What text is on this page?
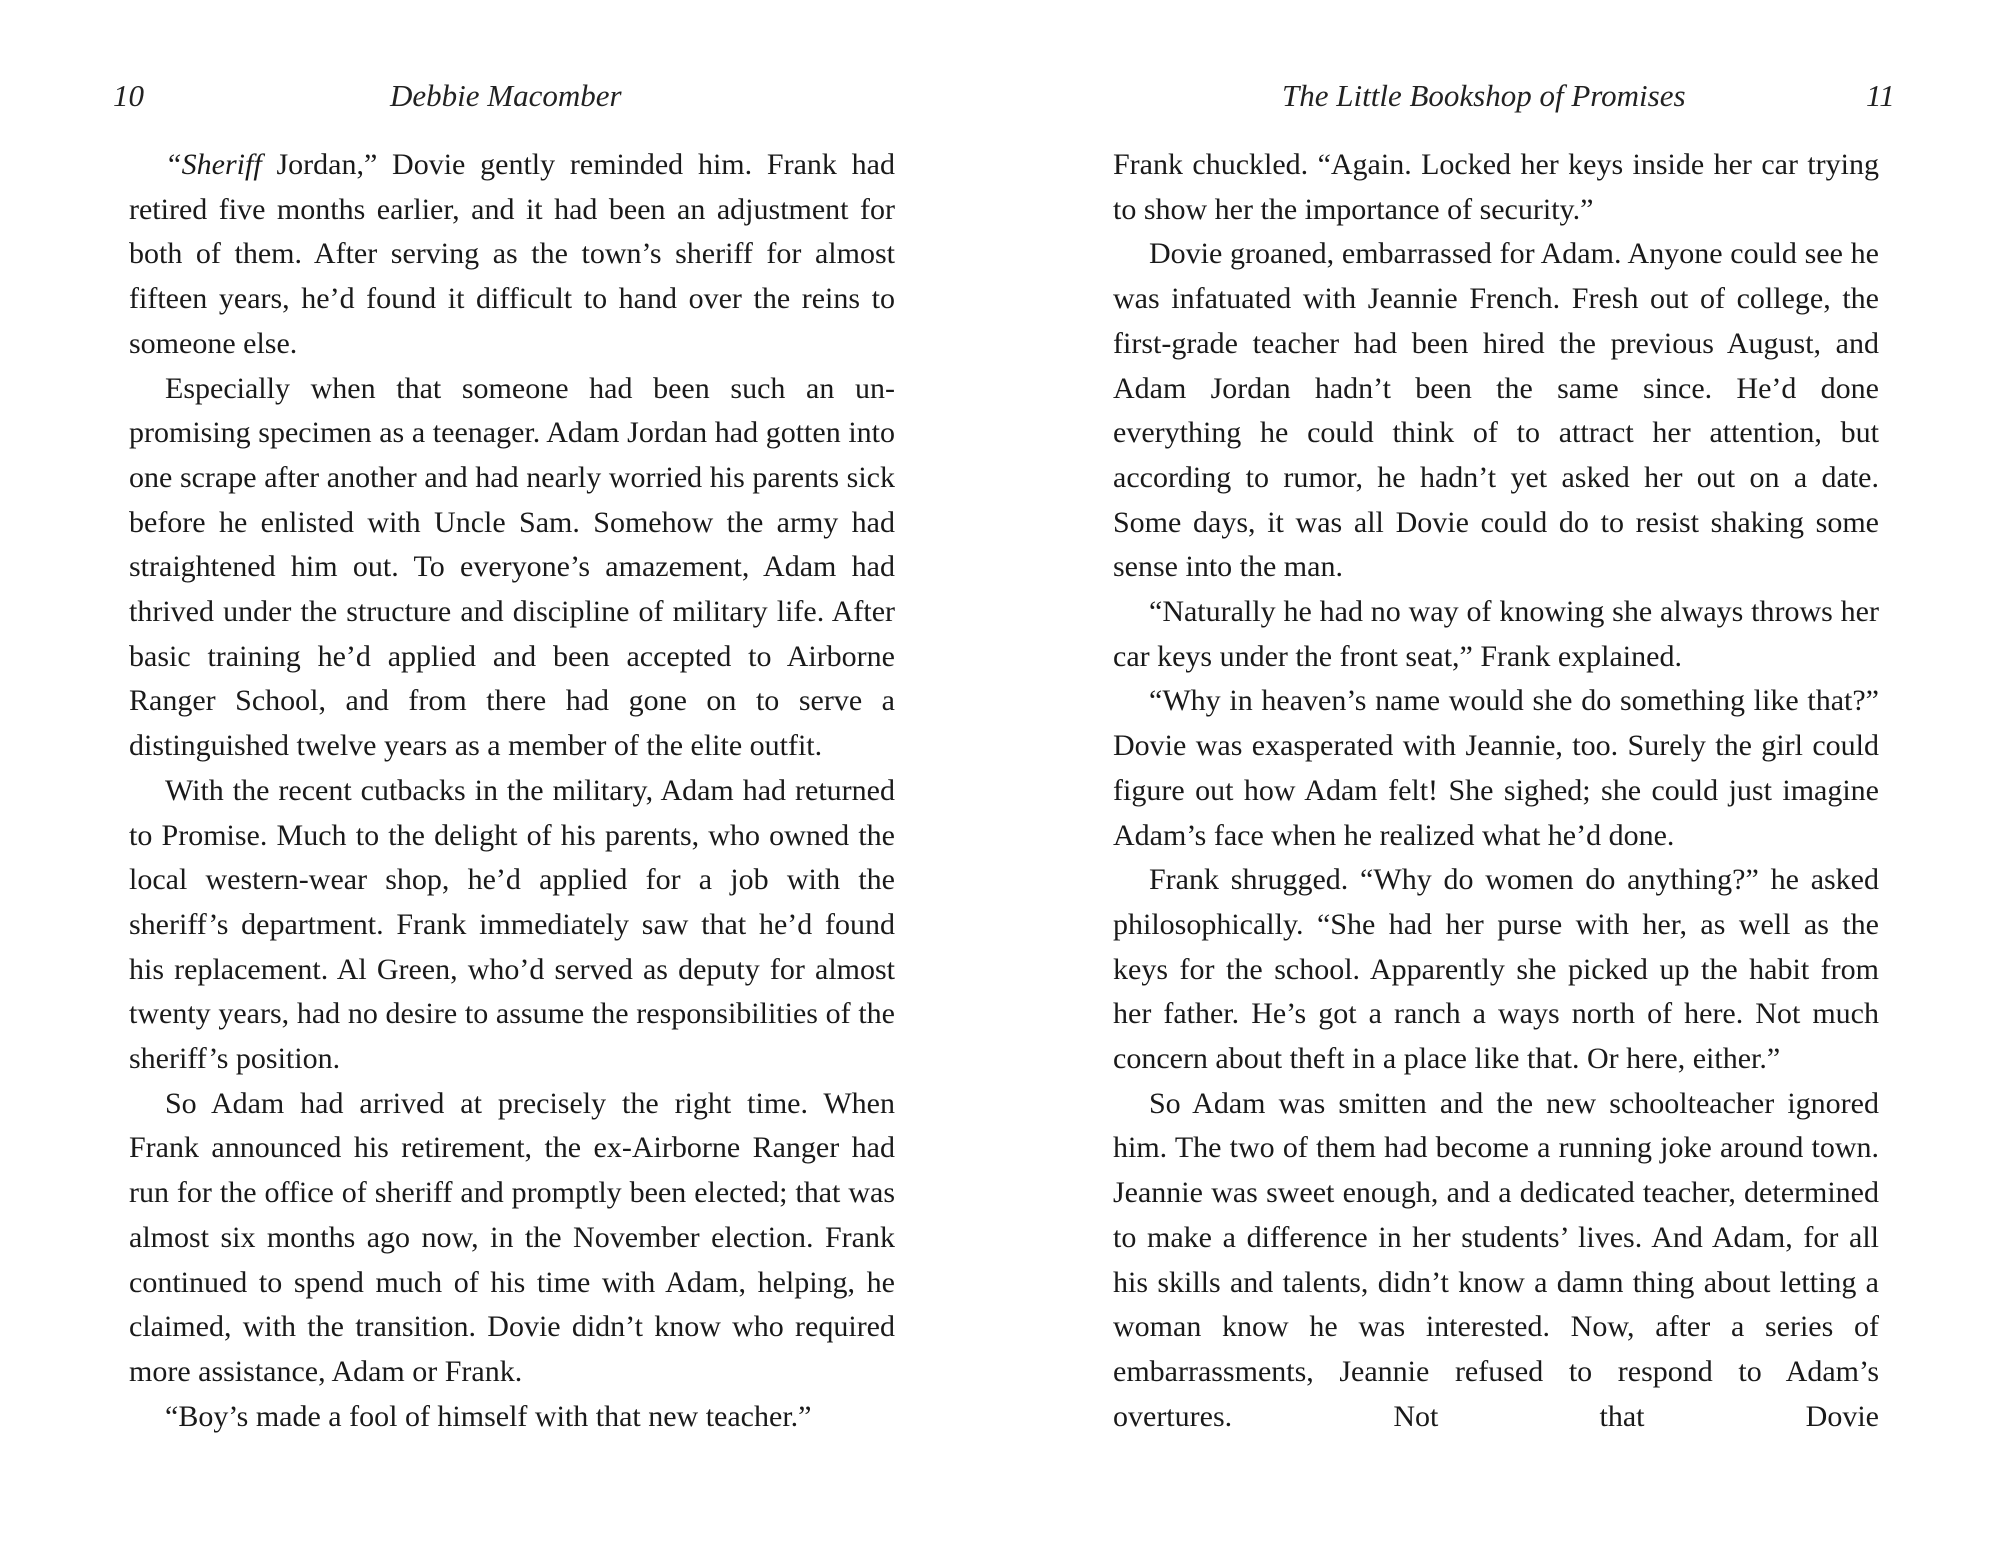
10	Debbie Macomber

“Sheriff Jordan,” Dovie gently reminded him. Frank had retired five months earlier, and it had been an adjustment for both of them. After serving as the town’s sheriff for almost fifteen years, he’d found it difficult to hand over the reins to someone else.

Especially when that someone had been such an unpromising specimen as a teenager. Adam Jordan had gotten into one scrape after another and had nearly worried his parents sick before he enlisted with Uncle Sam. Somehow the army had straightened him out. To everyone’s amazement, Adam had thrived under the structure and discipline of military life. After basic training he’d applied and been accepted to Airborne Ranger School, and from there had gone on to serve a distinguished twelve years as a member of the elite outfit.

With the recent cutbacks in the military, Adam had returned to Promise. Much to the delight of his parents, who owned the local western-wear shop, he’d applied for a job with the sheriff’s department. Frank immediately saw that he’d found his replacement. Al Green, who’d served as deputy for almost twenty years, had no desire to assume the responsibilities of the sheriff’s position.

So Adam had arrived at precisely the right time. When Frank announced his retirement, the ex-Airborne Ranger had run for the office of sheriff and promptly been elected; that was almost six months ago now, in the November election. Frank continued to spend much of his time with Adam, helping, he claimed, with the transition. Dovie didn’t know who required more assistance, Adam or Frank.

“Boy’s made a fool of himself with that new teacher.”

The Little Bookshop of Promises	11

Frank chuckled. “Again. Locked her keys inside her car trying to show her the importance of security.”

Dovie groaned, embarrassed for Adam. Anyone could see he was infatuated with Jeannie French. Fresh out of college, the first-grade teacher had been hired the previous August, and Adam Jordan hadn’t been the same since. He’d done everything he could think of to attract her attention, but according to rumor, he hadn’t yet asked her out on a date. Some days, it was all Dovie could do to resist shaking some sense into the man.

“Naturally he had no way of knowing she always throws her car keys under the front seat,” Frank explained.

“Why in heaven’s name would she do something like that?” Dovie was exasperated with Jeannie, too. Surely the girl could figure out how Adam felt! She sighed; she could just imagine Adam’s face when he realized what he’d done.

Frank shrugged. “Why do women do anything?” he asked philosophically. “She had her purse with her, as well as the keys for the school. Apparently she picked up the habit from her father. He’s got a ranch a ways north of here. Not much concern about theft in a place like that. Or here, either.”

So Adam was smitten and the new schoolteacher ignored him. The two of them had become a running joke around town. Jeannie was sweet enough, and a dedicated teacher, determined to make a difference in her students’ lives. And Adam, for all his skills and talents, didn’t know a damn thing about letting a woman know he was interested. Now, after a series of embarrassments, Jeannie refused to respond to Adam’s overtures. Not that Dovie
